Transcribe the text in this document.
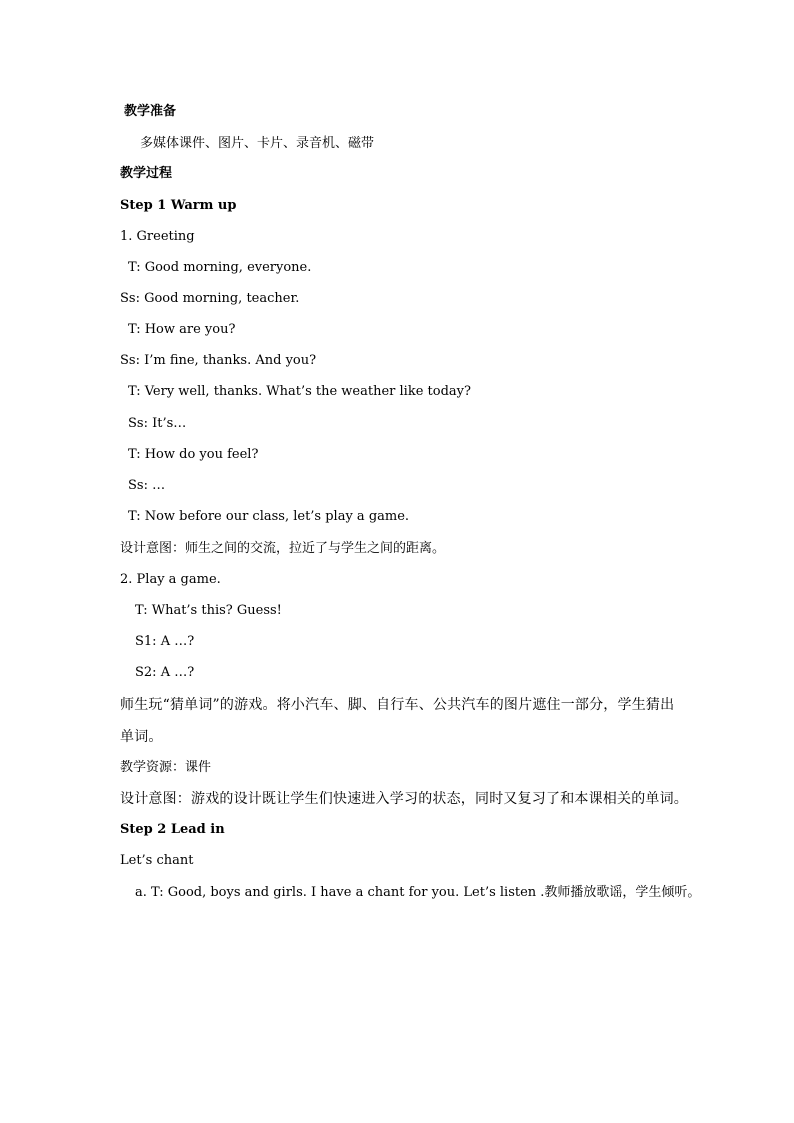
教学准备
多媒体课件、图片、卡片、录音机、磁带
教学过程
Step 1 Warm up
1. Greeting
T: Good morning, everyone.
Ss: Good morning, teacher.
T: How are you?
Ss: I’m fine, thanks. And you?
T: Very well, thanks. What’s the weather like today?
Ss: It’s…
T: How do you feel?
Ss: …
T: Now before our class, let’s play a game.
设计意图：师生之间的交流，拉近了与学生之间的距离。
2. Play a game.
T: What’s this? Guess!
S1: A …?
S2: A …?
师生玩“猜单词”的游戏。将小汽车、脚、自行车、公共汽车的图片遮住一部分，学生猜出
单词。
教学资源：课件
设计意图：游戏的设计既让学生们快速进入学习的状态，同时又复习了和本课相关的单词。
Step 2 Lead in
Let’s chant
a. T: Good, boys and girls. I have a chant for you. Let’s listen .教师播放歌谣，学生倾听。
